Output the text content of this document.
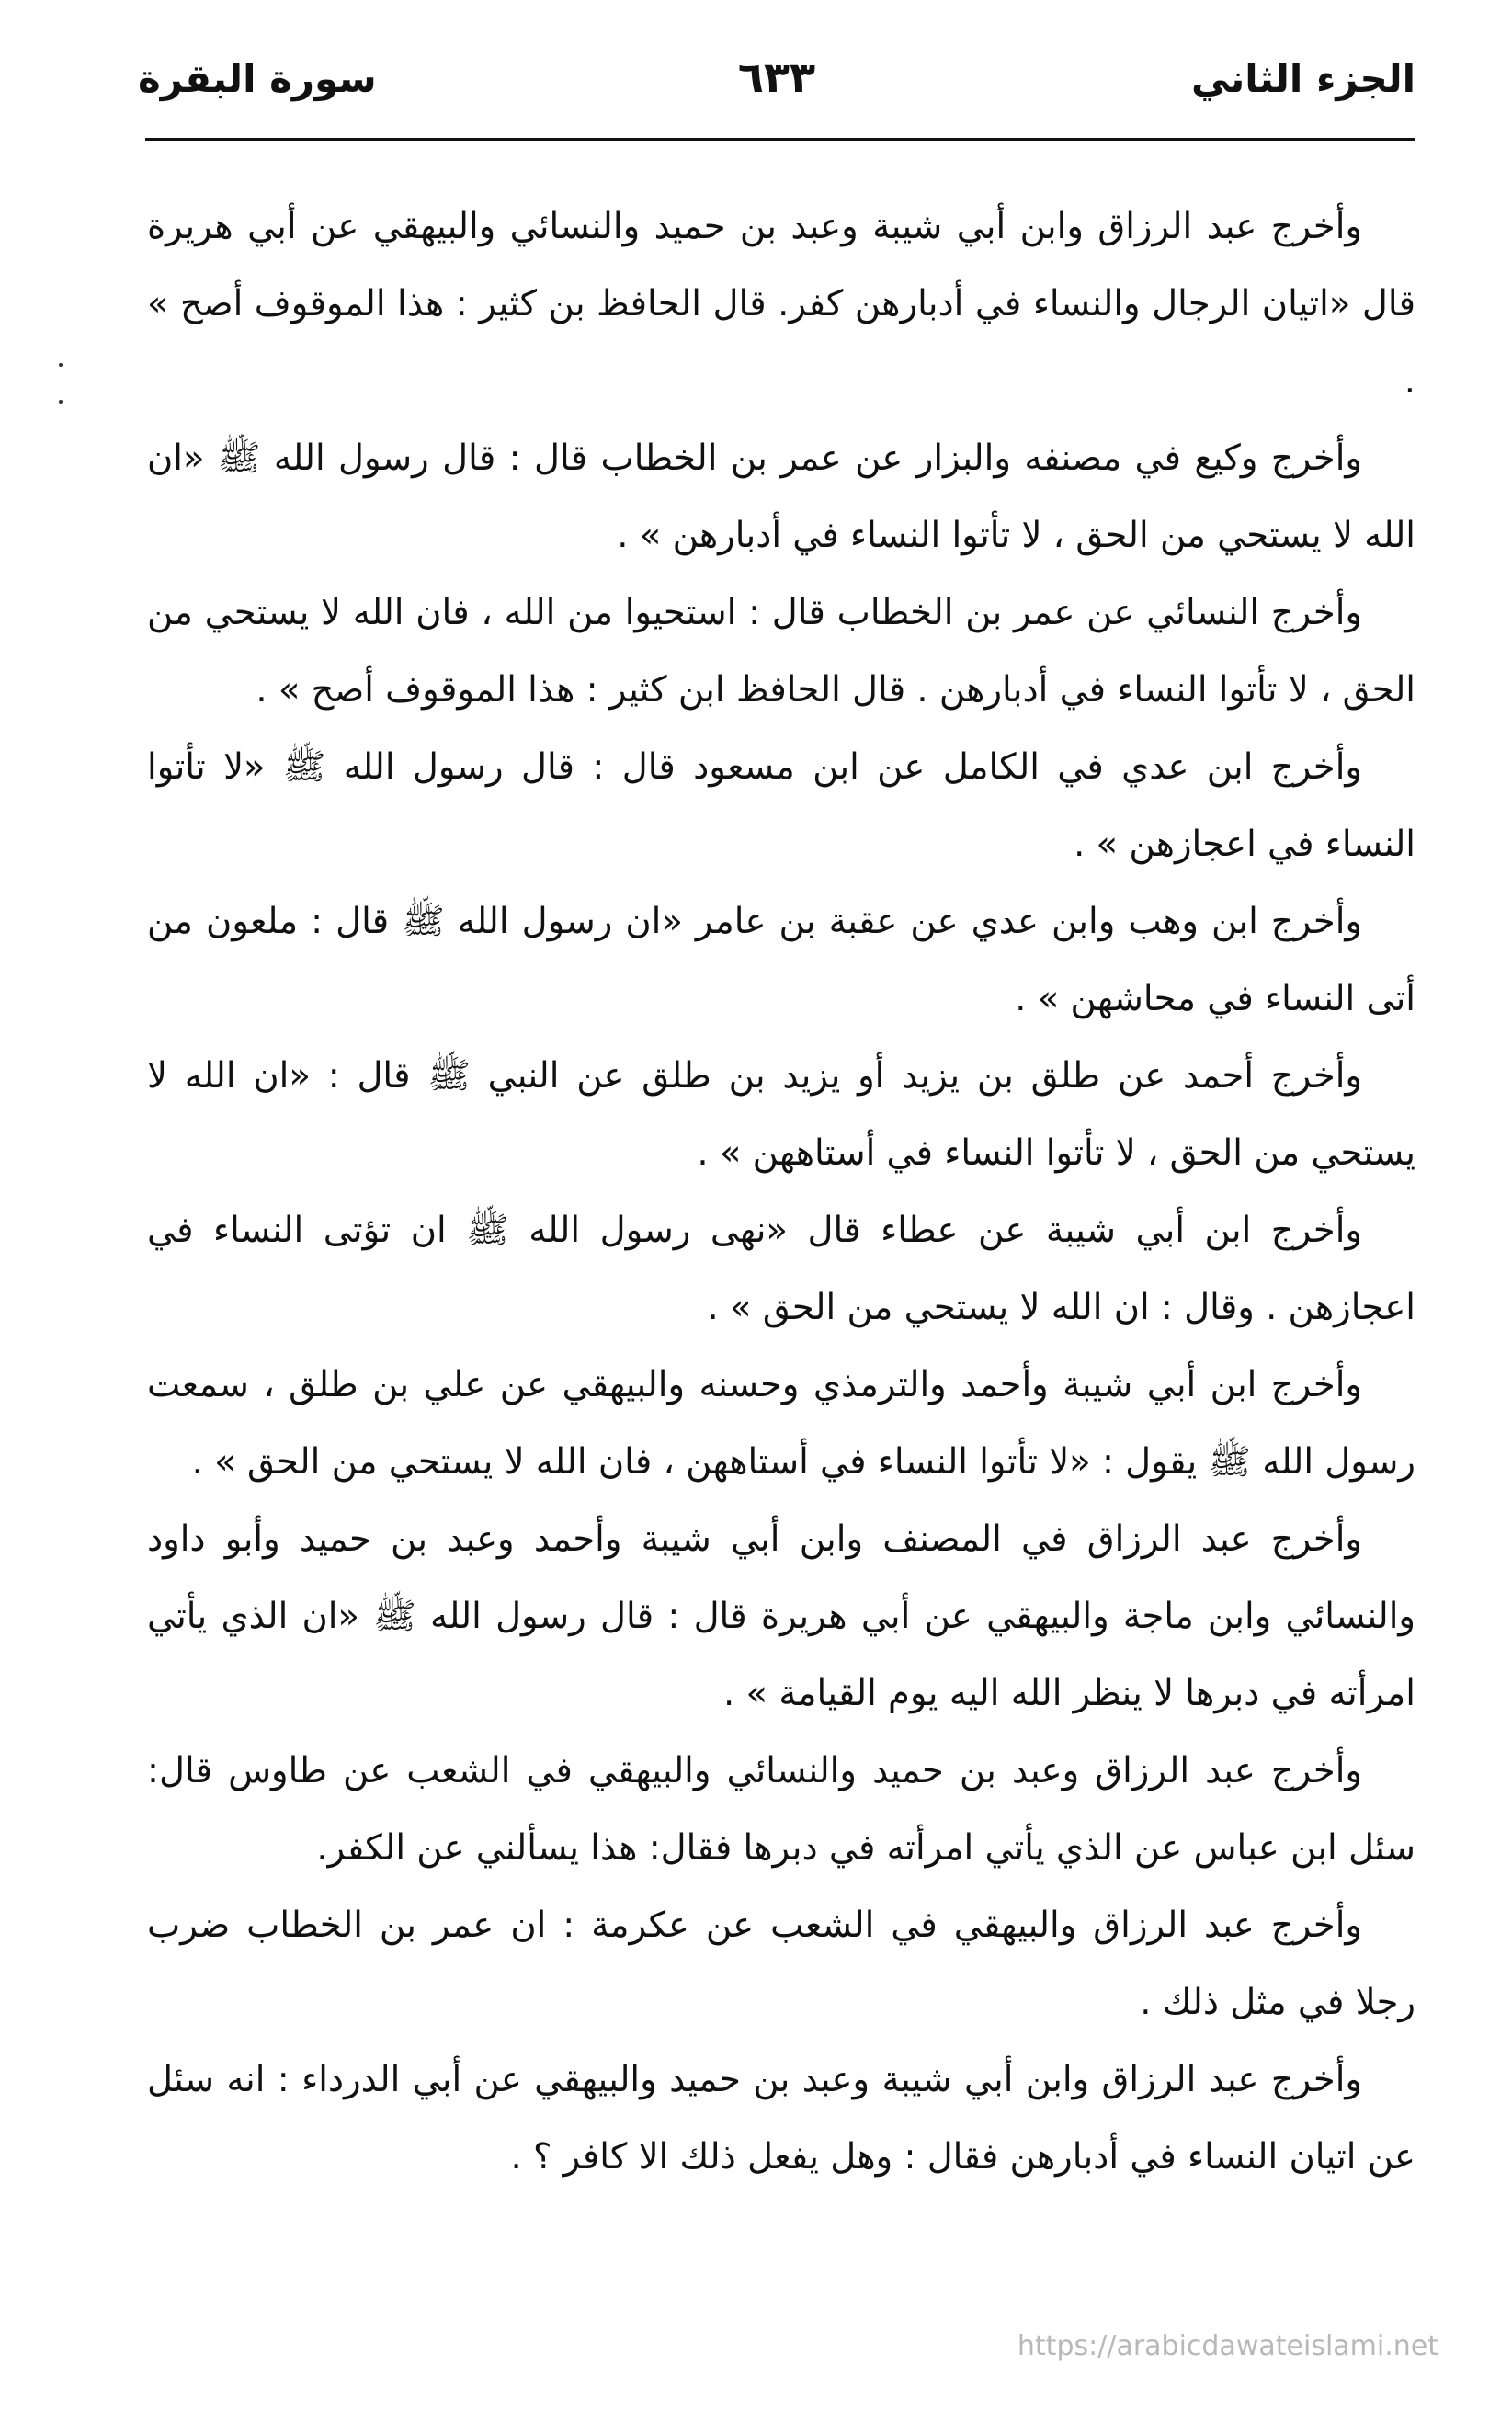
الجزء الثاني
٦٣٣
سورة البقرة

وأخرج عبد الرزاق وابن أبي شيبة وعبد بن حميد والنسائي والبيهقي عن أبي هريرة قال «اتيان الرجال والنساء في أدبارهن كفر. قال الحافظ بن كثير : هذا الموقوف أصح » .

وأخرج وكيع في مصنفه والبزار عن عمر بن الخطاب قال : قال رسول الله ﷺ «ان الله لا يستحي من الحق ، لا تأتوا النساء في أدبارهن » .

وأخرج النسائي عن عمر بن الخطاب قال : استحيوا من الله ، فان الله لا يستحي من الحق ، لا تأتوا النساء في أدبارهن . قال الحافظ ابن كثير : هذا الموقوف أصح » .

وأخرج ابن عدي في الكامل عن ابن مسعود قال : قال رسول الله ﷺ «لا تأتوا النساء في اعجازهن » .

وأخرج ابن وهب وابن عدي عن عقبة بن عامر «ان رسول الله ﷺ قال : ملعون من أتى النساء في محاشهن » .

وأخرج أحمد عن طلق بن يزيد أو يزيد بن طلق عن النبي ﷺ قال : «ان الله لا يستحي من الحق ، لا تأتوا النساء في أستاههن » .

وأخرج ابن أبي شيبة عن عطاء قال «نهى رسول الله ﷺ ان تؤتى النساء في اعجازهن . وقال : ان الله لا يستحي من الحق » .

وأخرج ابن أبي شيبة وأحمد والترمذي وحسنه والبيهقي عن علي بن طلق ، سمعت رسول الله ﷺ يقول : «لا تأتوا النساء في أستاههن ، فان الله لا يستحي من الحق » .

وأخرج عبد الرزاق في المصنف وابن أبي شيبة وأحمد وعبد بن حميد وأبو داود والنسائي وابن ماجة والبيهقي عن أبي هريرة قال : قال رسول الله ﷺ «ان الذي يأتي امرأته في دبرها لا ينظر الله اليه يوم القيامة » .

وأخرج عبد الرزاق وعبد بن حميد والنسائي والبيهقي في الشعب عن طاوس قال: سئل ابن عباس عن الذي يأتي امرأته في دبرها فقال: هذا يسألني عن الكفر.

وأخرج عبد الرزاق والبيهقي في الشعب عن عكرمة : ان عمر بن الخطاب ضرب رجلا في مثل ذلك .

وأخرج عبد الرزاق وابن أبي شيبة وعبد بن حميد والبيهقي عن أبي الدرداء : انه سئل عن اتيان النساء في أدبارهن فقال : وهل يفعل ذلك الا كافر ؟ .

https://arabicdawateislami.net
